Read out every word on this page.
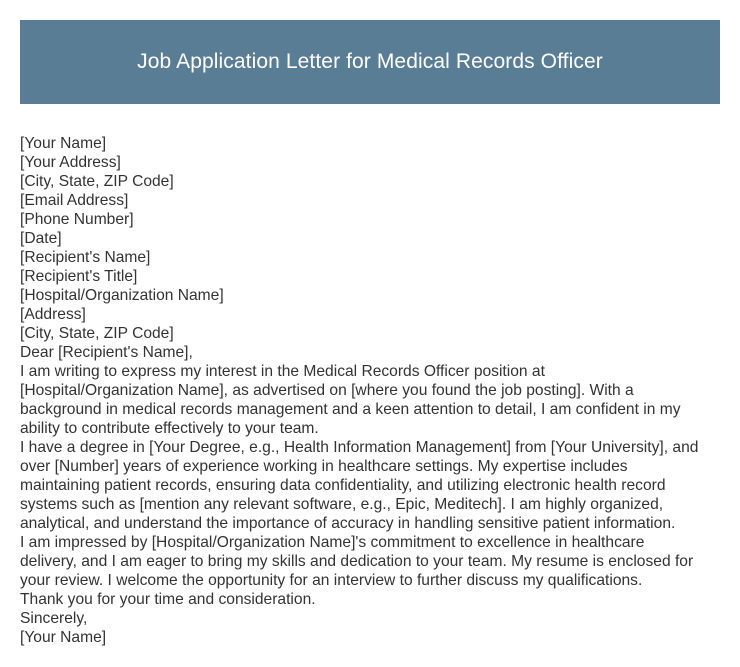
Job Application Letter for Medical Records Officer
[Your Name]
[Your Address]
[City, State, ZIP Code]
[Email Address]
[Phone Number]
[Date]
[Recipient's Name]
[Recipient's Title]
[Hospital/Organization Name]
[Address]
[City, State, ZIP Code]
Dear [Recipient's Name],
I am writing to express my interest in the Medical Records Officer position at
[Hospital/Organization Name], as advertised on [where you found the job posting]. With a
background in medical records management and a keen attention to detail, I am confident in my
ability to contribute effectively to your team.
I have a degree in [Your Degree, e.g., Health Information Management] from [Your University], and
over [Number] years of experience working in healthcare settings. My expertise includes
maintaining patient records, ensuring data confidentiality, and utilizing electronic health record
systems such as [mention any relevant software, e.g., Epic, Meditech]. I am highly organized,
analytical, and understand the importance of accuracy in handling sensitive patient information.
I am impressed by [Hospital/Organization Name]'s commitment to excellence in healthcare
delivery, and I am eager to bring my skills and dedication to your team. My resume is enclosed for
your review. I welcome the opportunity for an interview to further discuss my qualifications.
Thank you for your time and consideration.
Sincerely,
[Your Name]
